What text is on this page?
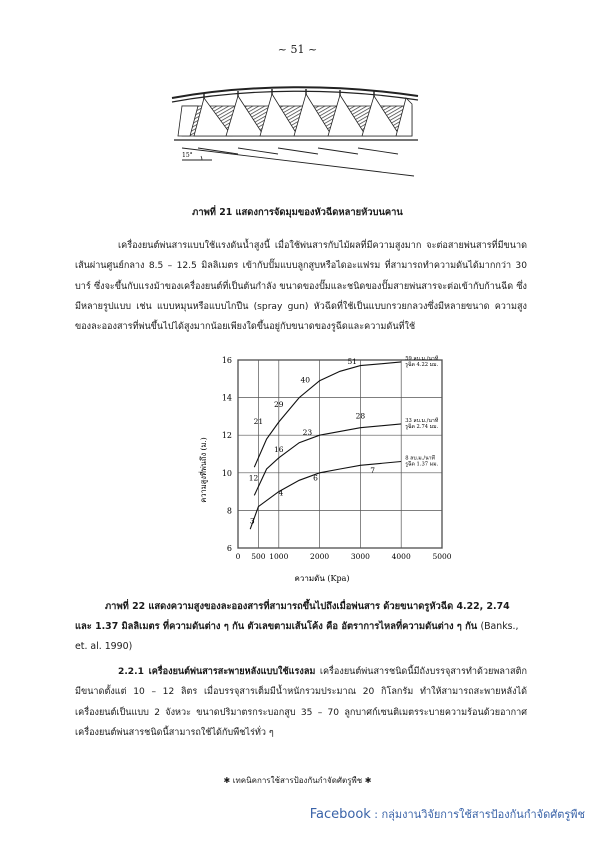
~ 51 ~
15°
ภาพที่ 21 แสดงการจัดมุมของหัวฉีดหลายหัวบนคาน
เครื่องยนต์พ่นสารแบบใช้แรงดันน้ำสูงนี้ เมื่อใช้พ่นสารกับไม้ผลที่มีความสูงมาก จะต่อสายพ่นสารที่มีขนาดเส้นผ่านศูนย์กลาง 8.5 – 12.5 มิลลิเมตร เข้ากับปั๊มแบบลูกสูบหรือไดอะแฟรม ที่สามารถทำความดันได้มากกว่า 30 บาร์ ซึ่งจะขึ้นกับแรงม้าของเครื่องยนต์ที่เป็นต้นกำลัง ขนาดของปั๊มและชนิดของปั๊มสายพ่นสารจะต่อเข้ากับก้านฉีด ซึ่งมีหลายรูปแบบ เช่น แบบหมุนหรือแบบไกปืน (spray gun) หัวฉีดที่ใช้เป็นแบบกรวยกลวงซึ่งมีหลายขนาด ความสูงของละอองสารที่พ่นขึ้นไปได้สูงมากน้อยเพียงใดขึ้นอยู่กับขนาดของรูฉีดและความดันที่ใช้
21
29
40
51	59 ลบ.ม./นาที
รูฉีด 4.22 มม.
16
23
28
33 ลบ.ม./นาที
รูฉีด 2.74 มม.
3
4
6
7
8 ลบ.ม./นาที
รูฉีด 1.37 มม.
12
6
8
10
12
14
16
0 500 1000	2000	3000	4000	5000
ความดัน (Kpa)
ความสูงที่พ่นถึง (ม.)
ภาพที่ 22 แสดงความสูงของละอองสารที่สามารถขึ้นไปถึงเมื่อพ่นสาร ด้วยขนาดรูหัวฉีด 4.22, 2.74 และ 1.37 มิลลิเมตร ที่ความดันต่าง ๆ กัน ตัวเลขตามเส้นโค้ง คือ อัตราการไหลที่ความดันต่าง ๆ กัน (Banks., et. al. 1990)
2.2.1 เครื่องยนต์พ่นสารสะพายหลังแบบใช้แรงลม เครื่องยนต์พ่นสารชนิดนี้มีถังบรรจุสารทำด้วยพลาสติกมีขนาดตั้งแต่ 10 – 12 ลิตร เมื่อบรรจุสารเต็มมีน้ำหนักรวมประมาณ 20 กิโลกรัม ทำให้สามารถสะพายหลังได้ เครื่องยนต์เป็นแบบ 2 จังหวะ ขนาดปริมาตรกระบอกสูบ 35 – 70 ลูกบาศก์เซนติเมตรระบายความร้อนด้วยอากาศ เครื่องยนต์พ่นสารชนิดนี้สามารถใช้ได้กับพืชไร่ทั่ว ๆ
✱ เทคนิคการใช้สารป้องกันกำจัดศัตรูพืช ✱
Facebook : กลุ่มงานวิจัยการใช้สารป้องกันกำจัดศัตรูพืช
